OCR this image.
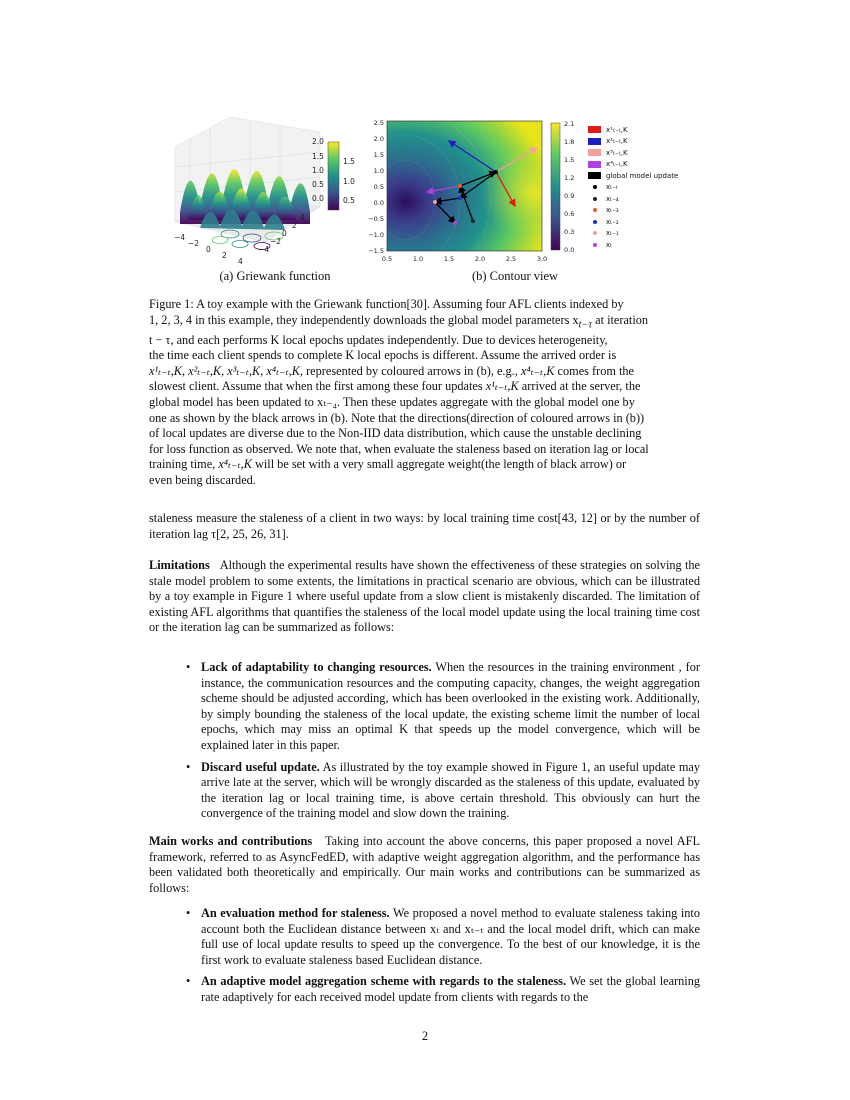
2.0
1.5
1.0
0.5
0.0
−4
−2
0
2
4
4
2
0
−2
−4
1.5
1.0
0.5
2.5
2.0
1.5
1.0
0.5
0.0
−0.5
−1.0
−1.5
0.5	1.0	1.5	2.0	2.5	3.0
2.1
1.8
1.5
1.2
0.9
0.6
0.3
0.0
x¹ₜ₋ₜ,K
x²ₜ₋ₜ,K
x³ₜ₋ₜ,K
x⁴ₜ₋ₜ,K
global model update
xₜ₋ₜ
xₜ₋₄
xₜ₋₃
xₜ₋₂
xₜ₋₁
xₜ
(a) Griewank function	(b) Contour view
Figure 1: A toy example with the Griewank function[30]. Assuming four AFL clients indexed by
1, 2, 3, 4 in this example, they independently downloads the global model parameters $x_{t-\tau}$ at iteration
t − τ, and each performs K local epochs updates independently. Due to devices heterogeneity,
the time each client spends to complete K local epochs is different. Assume the arrived order is
x¹ₜ₋ₜ,K, x²ₜ₋ₜ,K, x³ₜ₋ₜ,K, x⁴ₜ₋ₜ,K, represented by coloured arrows in (b), e.g., x⁴ₜ₋ₜ,K comes from the
slowest client. Assume that when the first among these four updates x¹ₜ₋ₜ,K arrived at the server, the
global model has been updated to xₜ₋₄. Then these updates aggregate with the global model one by
one as shown by the black arrows in (b). Note that the directions(direction of coloured arrows in (b))
of local updates are diverse due to the Non-IID data distribution, which cause the unstable declining
for loss function as observed. We note that, when evaluate the staleness based on iteration lag or local
training time, x⁴ₜ₋ₜ,K will be set with a very small aggregate weight(the length of black arrow) or
even being discarded.
staleness measure the staleness of a client in two ways: by local training time cost[43, 12] or by the number of iteration lag τ[2, 25, 26, 31].
Limitations Although the experimental results have shown the effectiveness of these strategies on solving the stale model problem to some extents, the limitations in practical scenario are obvious, which can be illustrated by a toy example in Figure 1 where useful update from a slow client is mistakenly discarded. The limitation of existing AFL algorithms that quantifies the staleness of the local model update using the local training time cost or the iteration lag can be summarized as follows:
• Lack of adaptability to changing resources. When the resources in the training environment , for instance, the communication resources and the computing capacity, changes, the weight aggregation scheme should be adjusted according, which has been overlooked in the existing work. Additionally, by simply bounding the staleness of the local update, the existing scheme limit the number of local epochs, which may miss an optimal K that speeds up the model convergence, which will be explained later in this paper.
• Discard useful update. As illustrated by the toy example showed in Figure 1, an useful update may arrive late at the server, which will be wrongly discarded as the staleness of this update, evaluated by the iteration lag or local training time, is above certain threshold. This obviously can hurt the convergence of the training model and slow down the training.
Main works and contributions Taking into account the above concerns, this paper proposed a novel AFL framework, referred to as AsyncFedED, with adaptive weight aggregation algorithm, and the performance has been validated both theoretically and empirically. Our main works and contributions can be summarized as follows:
• An evaluation method for staleness. We proposed a novel method to evaluate staleness taking into account both the Euclidean distance between xₜ and xₜ₋ₜ and the local model drift, which can make full use of local update results to speed up the convergence. To the best of our knowledge, it is the first work to evaluate staleness based Euclidean distance.
• An adaptive model aggregation scheme with regards to the staleness. We set the global learning rate adaptively for each received model update from clients with regards to the
2
